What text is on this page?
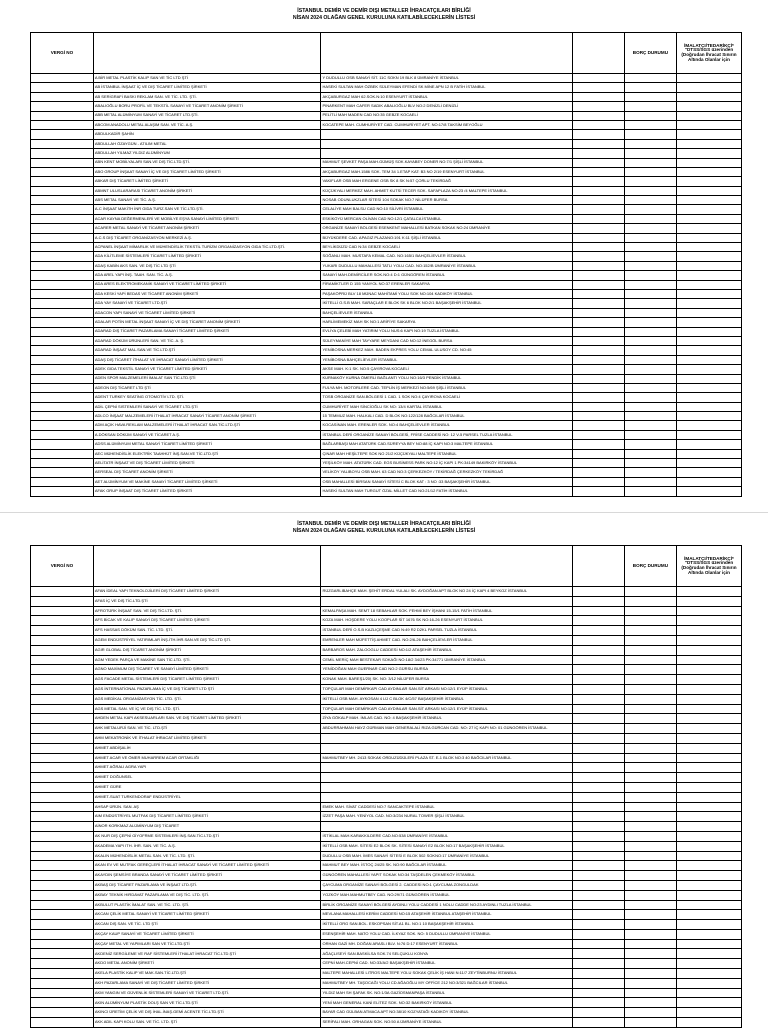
İSTANBUL DEMİR VE DEMİR DIŞI METALLER İHRACATÇILARI BİRLİĞİ
NİSAN 2024 OLAĞAN GENEL KURULUNA KATILABİLECEKLERİN LİSTESİ
VERGİ NO				BORÇ DURUMU	İMALATÇI/TEDARİKÇİ* "DTSS/SGS üzerinden (Doğrudan İhracat Sınırın Altında Olanlar için
	A BİR METAL PLASTİK KALIP SAN VE TİC LTD ŞTİ	Y DUDULLU OSB SANAYİ SİT. 11C SOKN 19 BLK 8 ÜMRANİYE İSTANBUL			
	AB İSTANBUL İNŞAAT İÇ VE DIŞ TİCARET LİMİTED ŞİRKETİ	HASEKİ SULTAN MAH ÖZBEK SÜLEYMAN EFENDİ SK MİNE APN 12 B FATİH İSTANBUL			
	AB SERİGRAFİ BASKI REKLAM SAN. VE TİC. LTD. ŞTİ.	AKÇABURGAZ MAH 62.SOK.N:10 ESENYURT İSTANBUL			
	ABALIOĞLU BORU PROFİL VE TEKSTİL SANAYİ VE TİCARET ANONİM ŞİRKETİ	PINARKENT MAH CAFER SADIK ABALIOĞLU BLV NO:2 DENİZLİ DENİZLİ			
	ABB METAL ALÜMİNYUM SANAYİ VE TİCARET LTD.ŞTİ.	PELİTLİ MAH MADEN CAD NO:35 GEBZE KOCAELİ			
	ABCOM ANADOLU METAL ALAŞIM SAN. VE TİC. A.Ş.	KOCATEPE MAH. CUMHURİYET CAD. CUMHURİYET APT. NO:17/8 TAKSİM BEYOĞLU			
	ABDULKADİR ŞAHİN				
	ABDULLAH ÖZAYGÜN - ATILIM METAL				
	ABDULLAH YILMAZ YILDIZ ALÜMİNYUM				
	ABN KENT MOBİLYALARI SAN.VE DIŞ TİC.LTD.ŞTİ.	MAHMUT ŞEVKET PAŞA MAH.GÜMÜŞ SOK.KAYABEY DONER NO:7/1 ŞİŞLİ İSTANBUL			
	ABO GROUP İNŞAAT SANAYİ İÇ VE DIŞ TİCARET LİMİTED ŞİRKETİ	AKÇABURGAZ MAH.1586 SOK. TEM 34 1.ETAP KAT: B3 NO 2/19 ESENYURT İSTANBUL			
	ABKAR DIŞ TİCARET LİMİTED ŞİRKETİ	VAKIFLAR OSB MAH ERGENE OSB SK 8 SK N:57 ÇORLU TEKİRDAĞ			
	ABMNT ULUSLARARASI TİCARET ANONİM ŞİRKETİ	KÜÇÜKYALI MERKEZ MAH. AHMET KUTSİ TECER SOK. SAFAPLAZA NO:23 /4 MALTEPE İSTANBUL			
	ABS METAL SANAYİ VE TİC. A.Ş.	NOSAB ODUNLUKZLAR SİTESİ 104 SOKAK NO:7 NİLÜFER BURSA			
	A-C İNŞAAT MAKİTH İNR GIDA TURZ.SAN VE TİC.LTD.ŞTİ.	CELALİYE MAH BALSU CAD NO:10 SİLİVRİ İSTANBUL			
	ACAR KAYNA DEĞERMENLERİ VE MOBİLYE EŞYA SANAYİ LİMİTED ŞİRKETİ	ESKİKÖYÜ MERCAN OLİVAN CAD NO:12/1 ÇATALCA İSTANBUL			
	ACARER METAL SANAYİ VE TİCARET ANONİM ŞİRKETİ	ORGANİZE SANAYİ BÖLGESİ ESENKENT MAHALLESİ BATKAN SOKAK NO:24 ÜMRANİYE			
	A.C.S DIŞ TİCARET ORGANİZASYON MERKEZİ A.Ş.	BÜYÜKDERE CAD. APAGIZ PLAZANO:191 K:11 ŞİŞLİ İSTANBUL			
	ACPANEL İNŞAAT MİMARLIK VE MÜHENDİSLİK TEKSTİL TURİZM ORGANİZASYON GIDA TİC.LTD.ŞTİ.	BEYLİKDÜZÜ CAD N:34 GEBZE KOCAELİ			
	ADA KİLİTLEME SİSTEMLERİ TİCARET LİMİTED ŞİRKETİ	SOĞANLI MAH. MUSTAFA KEMAL CAD. NO:165/1 BAHÇELİEVLER İSTANBUL			
	ADAŞ KABİN AKS SAN. VE DIŞ TİC LTD ŞTİ	YUKARI DUDULLU MAHALLESİ TATLI YOLU CAD. NO:152/B ÜMRANİYE İSTANBUL			
	ADA AREL YAPI İNŞ. TAAH. SAN. TİC. A.Ş.	SANAYİ MAH.DEMİRCİLER SOK.NO:4 D:1 GÜNGÖREN İSTANBUL			
	ADA ARES ELEKTROMEKANİK SANAYİ VE TİCARET LİMİTED ŞİRKETİ	FİRAMİKTLER D 155 YANYOL NO:37 ERENLER SAKARYA			
	ADA KESKİ YAPİ BEDAS VE TİCARET ANONİM ŞİRKETİ	PAŞAKÖPRÜ BLV 18 MÜNAC MAHİTAMİ YOLU SOK NO:104 KADIKÖY İSTANBUL			
	ADA YAY SANAYİ VE TİCARET LTD.ŞTİ	İKİTELLİ O.S.B MAH. SARAÇLAR E BLOK SK 6 BLOK NO:2/1 BAŞAKŞEHİR İSTANBUL			
	ADACON YAPI SANAYİ VE TİCARET LİMİTED ŞİRKETİ	BAHÇELİEVLER İSTANBUL			
	ADALAR POTİN METAL İNŞAAT SANAYİ İÇ VE DIŞ TİCARET ANONİM ŞİRKETİ	HARLİMEMEKİZ MAH SK NO:1 ARİFİYE SAKARYA			
	ADARAD DIŞ TİCARET PAZARLAMA SANAYİ TİCARET LİMİTED ŞİRKETİ	EVLİYA ÇELEBİ MAH YATIRIM YOLU NUS:6 KAPI NO:19 TUZLA İSTANBUL			
	ADARAD DÖKÜM ÜRÜNLERİ SAN. VE TİC. A. Ş.	SÜLEYMANİYE MAH TAYYARE MEYDANI CAD NO:12 İNEGÖL BURSA			
	ADARAD İNŞAAT MAL.SAN.VE TİC.LTD.ŞTİ	YENİBOSNA MERKEZ MAH. BADEN EKPRES YOLU CEMAL ULUSOY CD. NO:45			
	ADAŞ DIŞ TİCARET İTHALAT VE İHRACAT SANAYİ LİMİTED ŞİRKETİ	YENİBOSNA BAHÇELİEVLER İSTANBUL			
	ADEK GIDA TEKSTİL SANAYİ VE TİCARET LİMİTED ŞİRKETİ	AKSE MAH. K:1 SK. NO:5 ÇAYIROVA KOCAELİ			
	ADEN SPOR MALZEMELERİ İMALAT SAN TİC.LTD.ŞTİ	KURNAKÖY KURNA ÖMERLİ BAĞLANTI YOLU NO:16/3 PENDİK İSTANBUL			
	ADEON DIŞ TİCARET LTD ŞTİ	FULYA MH. MOTORLERE CAD. TEPLİN İŞ MERKEZİ NO:5/69 ŞİŞLİ İSTANBUL			
	ADENT TURKEY SEATİNG OTOMOTİV LTD. ŞTİ.	TOSB ORGANİZE SAN.BÖLGESİ 1 CAD. 1 SOK NO:4 ÇAYIROVA KOCAELİ			
	ADİL ÇEPNİ SISTEMLERİ SANAYİ VE TİCARET LTD.ŞTİ	CUMHURİYET MAH SİNCİOĞLU SK NO: 13/4 KARTAL İSTANBUL			
	ADLCO İNŞAAT MALZEMELERİ İTHALAT İHRACAT SANAYİ TİCARET ANONİM ŞİRKETİ	15 TEMMUZ MAH. HALKALI CAD. D BLOK NO:122/128 BAĞCILAR İSTANBUL			
	ADM AÇIK HAVA REKLAM MALZEMELERİ İTHALAT İHRACAT SAN.TİC.LTD.ŞTİ	KOCASİNAN MAH. ERENLER SOK. NO:4 BAHÇELİEVLER İSTANBUL			
	A.DÖKSAN DÖKÜM SANAYİ VE TİCARET A.Ş.	İSTANBUL DERİ ORGANİZE SANAYİ BÖLGESİ, FRİSE CADDESİ NO: 12 V-5 PARSEL TUZLA İSTANBUL			
	ADSS ALÜMİNYUM METAL SANAYİ TİCARET LİMİTED ŞİRKETİ	BAĞLARBAŞI MAH ATATÜRK CAD.SÜREYYA BEY NO:88 İÇ KAPI NO:3 MALTEPE İSTANBUL			
	AEC MÜHENDİSLİK ELEKTRİK TAAHHÜT İNŞ.SAN.VE TİC.LTD.ŞTİ	ÇINAR MAH HEŞİLTEPE SOK NO 21/2 KÜÇÜKYALI MALTEPE İSTANBUL			
	AELİTATR İNŞAAT VE DIŞ TİCARET LİMİTED ŞİRKETİ	YEŞİLKÖY MAH. ATATÜRK CAD. EGS BUSİNESS PARK NO:12 İÇ KAPI 1 PK:34149 BAKIRKÖY İSTANBUL			
	AERSEAL DIŞ TİCARET ANONİM ŞİRKETİ	VELİKÖY YALIBOYU OSB MAH. 63 CAD NO:3 ÇERKEZKÖY / TEKİRDAĞ ÇERKEZKÖY TEKİRDAĞ			
	AET ALÜMİNYUM VE MAKİNE SANAYİ TİCARET LİMİTED ŞİRKETİ	OSB MAHALLESİ BİRSAN SANAYİ SİTESİ C BLOK KAT : 3 NO :33 BAŞAKŞEHİR İSTANBUL			
	AFAK GRUP İNŞAAT DIŞ TİCARET LİMİTED ŞİRKETİ	HASEKİ SULTAN MAH TURGUT ÖZAL MİLLET CAD NO:21/12 FATİH İSTANBUL			
İSTANBUL DEMİR VE DEMİR DIŞI METALLER İHRACATÇILARI BİRLİĞİ
NİSAN 2024 OLAĞAN GENEL KURULUNA KATILABİLECEKLERİN LİSTESİ
VERGİ NO				BORÇ DURUMU	İMALATÇI/TEDARİKÇİ* "DTSS/SGS üzerinden (Doğrudan İhracat Sınırın Altında Olanlar için
	AFAN İDEAL YAPI TEKNOLOJİLERİ DIŞ TİCARET LİMİTED ŞİRKETİ	RÜZGARLIBAHÇE MAH. ŞEHİT ERDAL YULALI SK. AYDOĞAN APT BLOK NO 24 İÇ KAPI 4 BEYKOZ İSTANBUL			
	AFAS İÇ VE DIŞ TİC.LTD.ŞTİ				
	AFROTÜRK İNŞAAT SAN. VE DIŞ TİC.LTD. ŞTİ.	KEMALPAŞA MAH. SEMT 18 SEBAHLAR SOK. FEHMİ BEY İŞHANI 15-15/1 FATİH İSTANBUL			
	AFS BİCAK VE KALIP SANAYİ DIŞ TİCARET LİMİTED ŞİRKETİ	KOZA MAH. HOŞDERE YOLU KOOPLAR SİT 1676 SK NO:16-26 ESENYURT İSTANBUL			
	AFS HASSAS DÖKÜM SAN. TİC. LTD. ŞTİ.	İSTANBUL DERİ O.S.B KAZLIÇEŞME CAD N:49 R2 D2KL PARSEL TUZLA İSTANBUL			
	AGEM ENDÜSTRİYEL YATIRIMLAR İNŞ.İTH.İHR.SAN.VE DIŞ TİC.LTD ŞTİ.	EMRENLER MAH MÜFETTİŞ AHMET CAD. NO:2/6-26 BAHÇELİEVLER İSTANBUL			
	AGIR GLOBAL DIŞ TİCARET ANONİM ŞİRKETİ	BARBAROS MAH. ZALOOGLU CADDESİ NO:1/2 ATAŞEHİR İSTANBUL			
	AGM YEDEK PARÇA VE MAKİNE SAN TİC.LTD. ŞTİ.	CEMİL MERİÇ MAH BESTEKAR SOKAĞI NO:18/2 34/23 PK:34771 ÜMRANİYE İSTANBUL			
	AGNO MAXİMUM DIŞ TİCARET VE SANAYİ LİMİTED ŞİRKETİ	YENİDOĞAN MAH GUERNAR CAD NO:2 GÜRSU BURSA			
	AGS FACADE METAL SİSTEMLERİ DIŞ TİCARET LİMİTED ŞİRKETİ	KONAK MAH. BAREŞ1/20) SK. NO: 3/12 NİLÜFER BURSA			
	AGS İNTERNATİONAL PAZARLAMA İÇ VE DIŞ TİCARET LTD ŞTİ	TOPÇULAR MAH DEMİRKAPI CAD AYDINLAR SAN.SİT ARKASI NO:12/1 EYÜP İSTANBUL			
	AGS MEDİKAL ORGANİZASYON TİC. LTD. ŞTİ.	İKİTELLİ OSB MAH. AYKOSAN 4 LÜ C BLOK 4/C/57 BAŞAKŞEHİR İSTANBUL			
	AGS METAL SAN. VE İÇ VE DIŞ TİC. LTD. ŞTİ.	TOPÇULAR MAH DEMİRKAPI CAD AYDINLAR SAN.SİT ARKASI NO:12/1 EYÜP İSTANBUL			
	AHDEN METAL KAPI AKSESUARLARI SAN. VE DIŞ TİCARET LİMİTED ŞİRKETİ	ZİYA GÖKALP MAH. İMLAS CAD. NO: 4 BAŞAKŞEHİR İSTANBUL			
	AHK METALURJİ SAN. VE TİC. LTD.ŞTİ	ABDURRAHMAN HAYZ GÜRMAN MAH GENERALALİ RIZA GÜRCAN CAD. NO: 27 İÇ KAPI NO: 01 GÜNGÖREN İSTANBUL			
	AHM MEKATRONİK VE İTHALAT İHRACAT LİMİTED ŞİRKETİ				
	AHMET ABDİŞALİH				
	AHMET ACAR VE ÖMER MUHARREM ACAR ORTAKLIĞI	MAHMUTBEY MH. 2413 SOKAK ORDUZÜDÜLERİ PLAZA ST. E-1 BLOK NO:3 40 BAĞCILAR İSTANBUL			
	AHMET AĞRALI AGRA YAPI				
	AHMET DOĞUNSEL				
	AHMET GÜRE				
	AHMET-SUAT TURKENDORAF ENDÜSTRİYEL				
	AHSAP ÜRÜN. SAN. AŞ	EMEK MAH. SİVAT CADDESİ NO:7 SANCAKTEPE İSTANBUL			
	AIM ENDÜSTRİYEL MUTFAK DIŞ TİCARET LİMİTED ŞİRKETİ	İZZET PAŞA MAH. YENİYOL CAD. NO:3/234 NURAL TOWER ŞİŞLİ İSTANBUL			
	AİNOR KORKMAZ ALÜMİNYUM DIŞ TİCARET				
	AK NUR DIŞ ÇEPNİ GİYOFRME SİSTEMLERİ İNŞ.SAN.TİC.LTD.ŞTİ	İSTİKLAL MAH.KARAKKILDERE CAD.NO:538 ÜMRANİYE İSTANBUL			
	AKADEMA YAPI ITH. İHR. SAN. VE TİC. A.Ş.	İKİTELLİ OSB MAH. SİTESİ E2 BLOK SK. SİTESİ SANAYİ E2 BLOK NO:17 BAŞAKŞEHİR İSTANBUL			
	AKALIN MÜHENDİSLİK METAL SAN. VE TİC. LTD. ŞTİ.	DUDULLU OSB MAH. İMES SANAYİ SİTESİ E BLOK 502 SOKNO:17 ÜMRANİYE İSTANBUL			
	AKAN EV VE MUTFAK GEREÇLERİ İTHALAT İHRACAT SANAYİ VE TİCARET LİMİTED ŞİRKETİ	MAHMUT BEY MAH. İSTOÇ 24/25 SK. NO:90 BAĞCILAR İSTANBUL			
	AKAYDIN ŞEMSİYE BRANDA SANAYİ VE TİCARET LİMİTED ŞİRKETİ	GÜNGÖREN MAHALLESİ YAPIT SOKAK NO:34 TAŞDELEN ÇEKMEKÖY İSTANBUL			
	AKBAŞ DIŞ TİCARET PAZARLAMA VE İNŞAAT LTD.ŞTİ.	ÇAYCUMA ORGANİZE SANAYİ BÖLGESİ 2. CADDESİ NO:1 ÇAYCUMA ZONGULDAK			
	AKBAY TEKNİK HIRDAVAT PAZARLAMA VE DIŞ TİC. LTD. ŞTİ.	YOZKÖY MAH.MAHMUTBEY CAD. NO:29/71 GÜNGÖREN İSTANBUL			
	AKBULUT PLASTİK İMALAT SAN. VE TİC. LTD. ŞTİ.	BİRLİK ORGANİZE SANAYİ BÖLGESİ AYDINLI YOLU CADDESİ 1 NOLU CADDE NO:23 AYDINLI TUZLA İSTANBUL			
	AKCAN ÇELİK METAL SANAYİ VE TİCARET LİMİTED ŞİRKETİ	MEVLANA MAHALLESİ KERİM CADDESİ NO:15 ATAŞEHİR İSTANBUL ATAŞEHİR İSTANBUL			
	AKCAN DIŞ SAN. VE TİC. LTD ŞTİ	İKİTELLİ ORG SAN.BOL. ESKOPSAN SİT.A1 BL. NO:1 10 BAŞAKŞEHİR İSTANBUL			
	AKÇAY KAUP SANAYİ VE TİCARET LİMİTED ŞİRKETİ	ESENŞEHİR MAH. NATO YOLU CAD. İLKYAZ SOK. NO: 5 DUDULLU ÜMRANİYE İSTANBUL			
	AKÇAY METAL VE YAPIMLARI SAN VE TİC.LTD.ŞTİ	ORHAN GAZİ MH. DOĞAN ARASLI BLV. N:76 D:17 ESENYURT İSTANBUL			
	AKDENİZ SERGİLEME VE RAF SİSTEMLERİ İTHALAT İHRACAT TİC.LTD.ŞTİ	AĞAÇLISEYİ SAN.BASKİLSA SOK.74 SELÇUKLU KONYA			
	AKDO METAL ANONİM ŞİRKETİ	CEPNİ MAH.CEPNİ CAD. NO:33/A/2 BAŞAKŞEHİR İSTANBUL			
	AKELA PLASTİK KALIP VE MAK.SAN.TİC.LTD.ŞTİ	MALTEPE MAHALLESİ LITROS MALTEPE YOLU SOKAK ÇELİK İŞ HANI N:11/7 ZEYTİNBURNU İSTANBUL			
	AKH PAZARLAMA SANAYİ VE DIŞ TİCARET LİMİTED ŞİRKETİ	MAHMUTBEY MH. TAŞOCAĞI YOLU CD AĞAOĞLU MY OFFİCE 212 NO:3/321 BAĞCILAR İSTANBUL			
	AKM YANGIN VE GÜVENLİK SİSTEMLERİ SANAYİ VE TİCARET LTD.ŞTİ.	YILDIZ MAH SH ŞAFAK SK. NO:1/3A GAZİOSMANPAŞA İSTANBUL			
	AKIN ALÜMİNYUM PLASTİK DOLŞ SAN VE TİC.LTD.ŞTİ	YENİ MAH GENERAL KANİ ELİTEZ SOK. NO:32 BAKIRKÖY İSTANBUL			
	AKINCI ÜRETİM ÇELİK VE DIŞ İHAL.İNAŞ.GEMİ ACENTE TİC.LTD.ŞTİ	BAYAR CAD GÜLBAN ATMACA APT NO:38/10 KOZYATAĞI KADIKÖY İSTANBUL			
	AKK ADIL KAPI KOLU SAN. VE TİC. LTD. ŞTİ	SERİFALI MAH. ORHAGAN SOK. NO:50 A ÜMRANİYE İSTANBUL			
